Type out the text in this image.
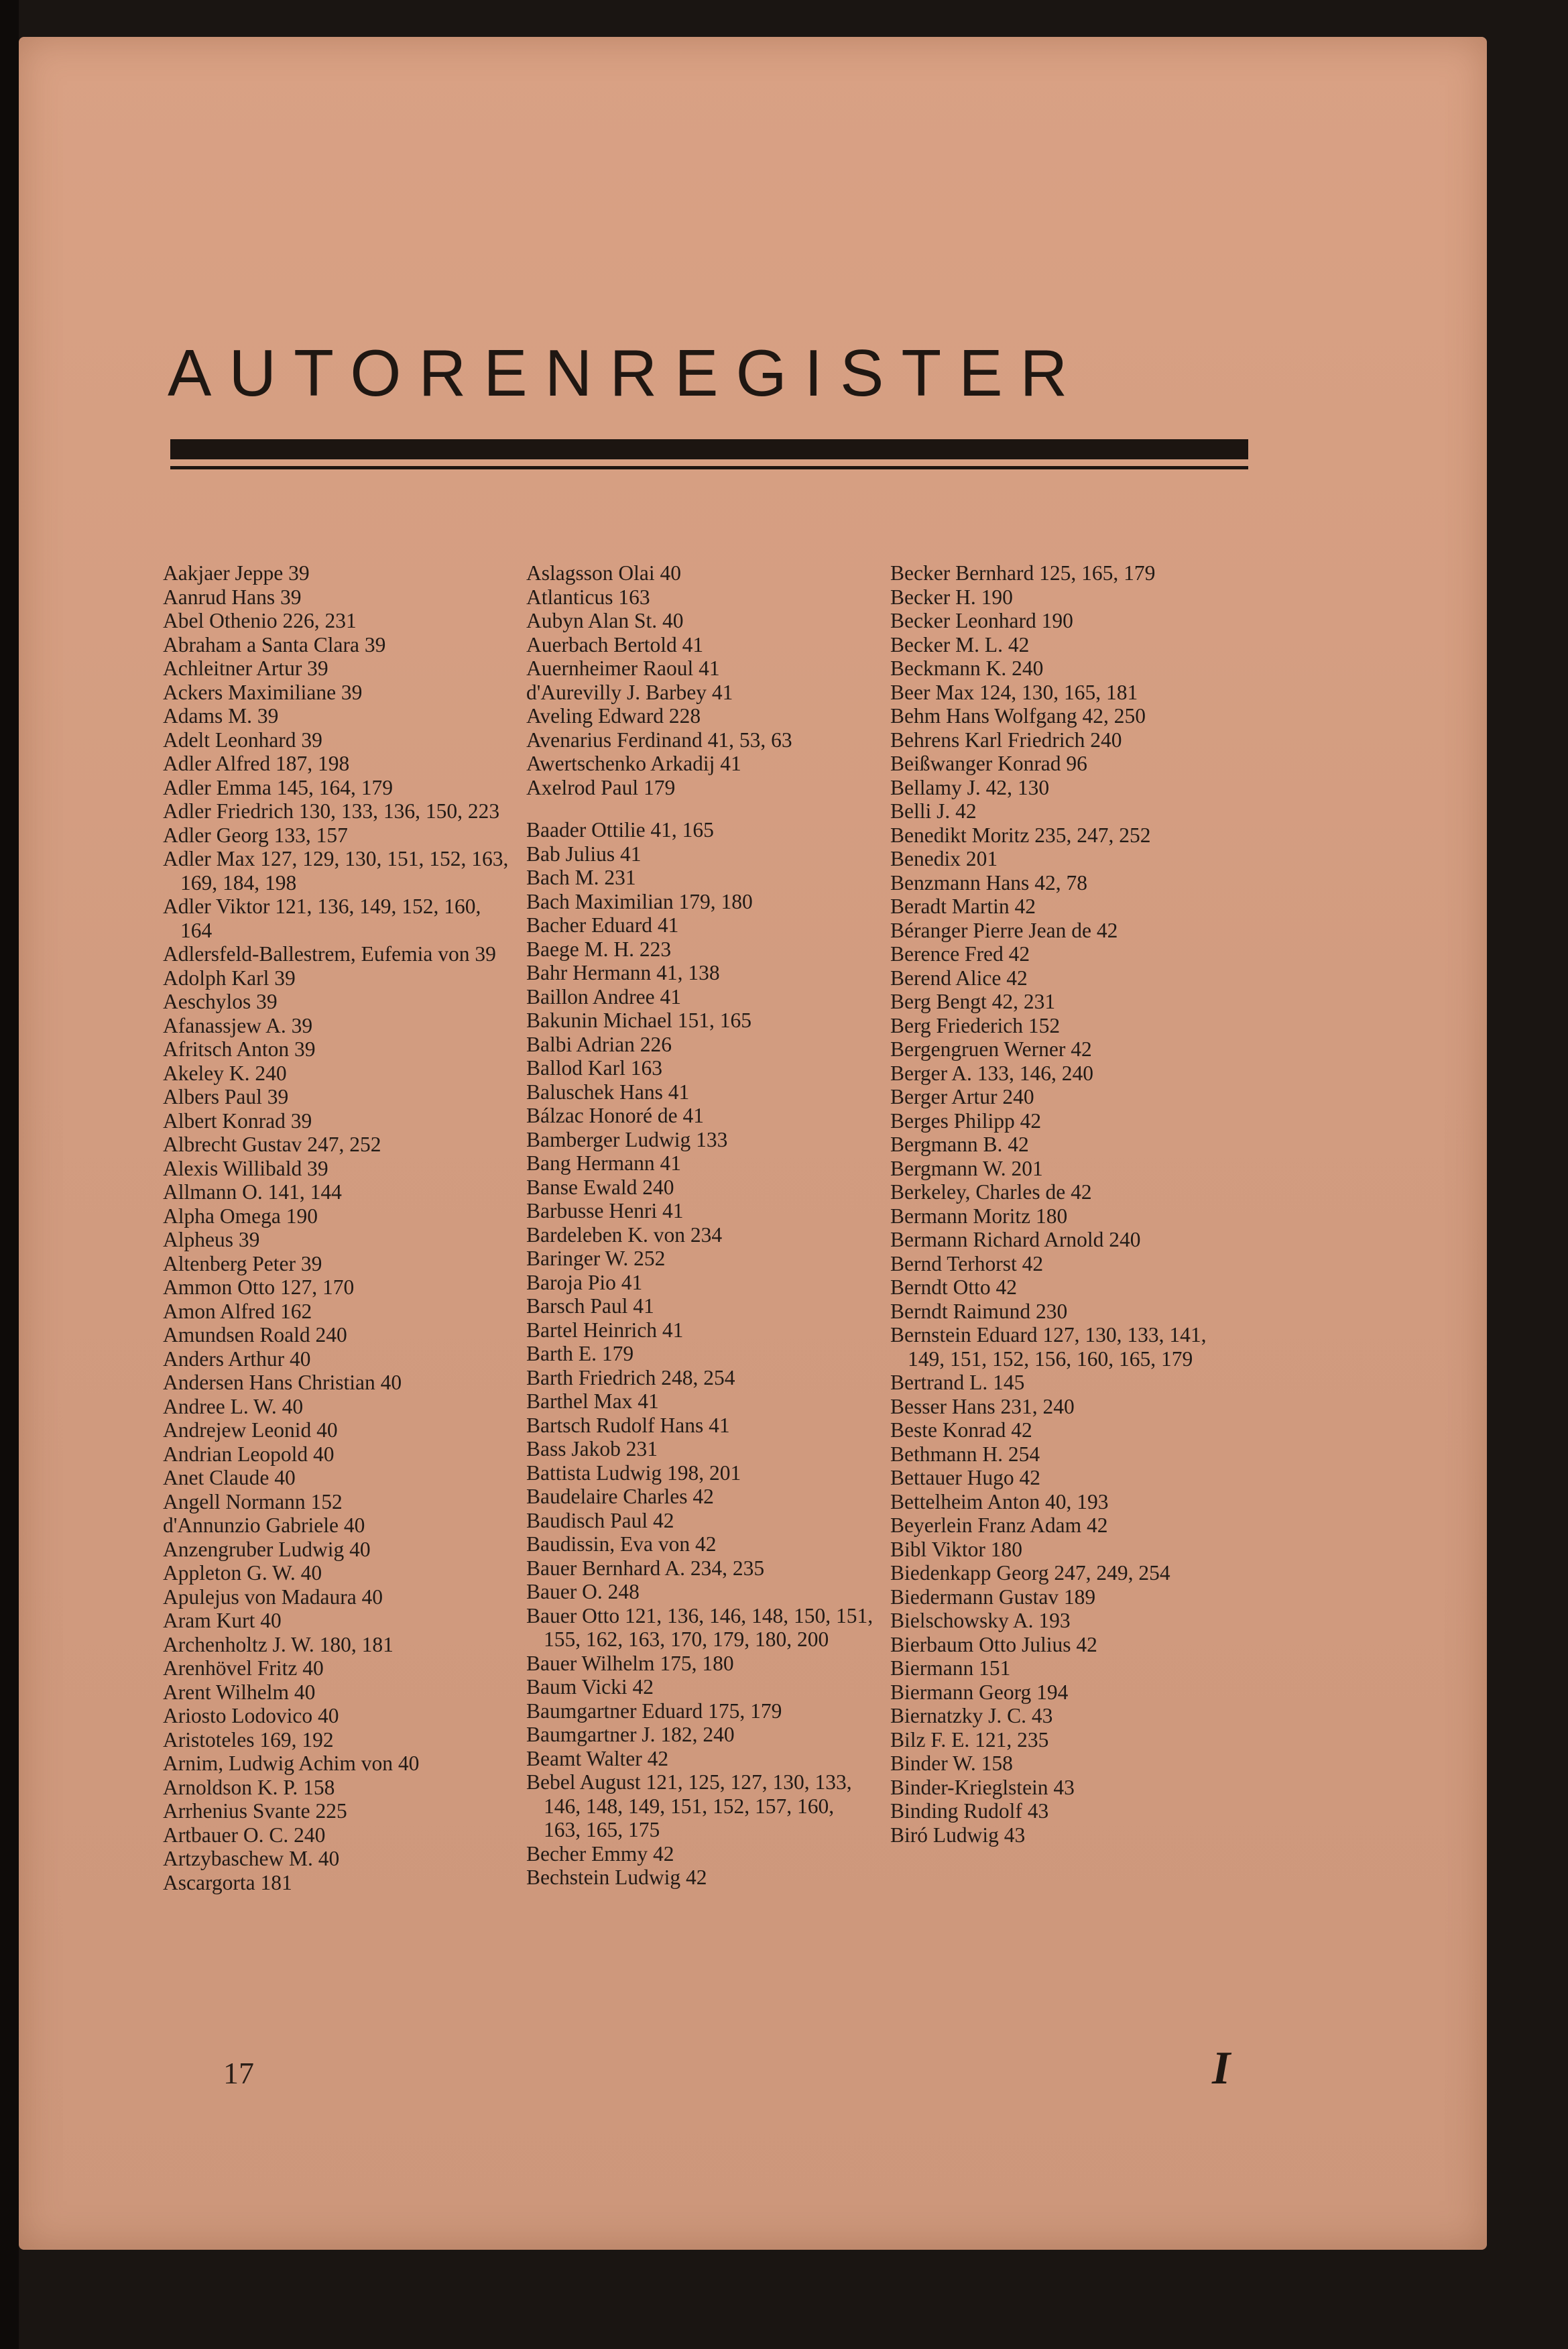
AUTORENREGISTER
Aakjaer Jeppe 39
Aanrud Hans 39
Abel Othenio 226, 231
Abraham a Santa Clara 39
Achleitner Artur 39
Ackers Maximiliane 39
Adams M. 39
Adelt Leonhard 39
Adler Alfred 187, 198
Adler Emma 145, 164, 179
Adler Friedrich 130, 133, 136, 150, 223
Adler Georg 133, 157
Adler Max 127, 129, 130, 151, 152, 163, 169, 184, 198
Adler Viktor 121, 136, 149, 152, 160, 164
Adlersfeld-Ballestrem, Eufemia von 39
Adolph Karl 39
Aeschylos 39
Afanassjew A. 39
Afritsch Anton 39
Akeley K. 240
Albers Paul 39
Albert Konrad 39
Albrecht Gustav 247, 252
Alexis Willibald 39
Allmann O. 141, 144
Alpha Omega 190
Alpheus 39
Altenberg Peter 39
Ammon Otto 127, 170
Amon Alfred 162
Amundsen Roald 240
Anders Arthur 40
Andersen Hans Christian 40
Andree L. W. 40
Andrejew Leonid 40
Andrian Leopold 40
Anet Claude 40
Angell Normann 152
d'Annunzio Gabriele 40
Anzengruber Ludwig 40
Appleton G. W. 40
Apulejus von Madaura 40
Aram Kurt 40
Archenholtz J. W. 180, 181
Arenhövel Fritz 40
Arent Wilhelm 40
Ariosto Lodovico 40
Aristoteles 169, 192
Arnim, Ludwig Achim von 40
Arnoldson K. P. 158
Arrhenius Svante 225
Artbauer O. C. 240
Artzybaschew M. 40
Ascargorta 181
Aslagsson Olai 40
Atlanticus 163
Aubyn Alan St. 40
Auerbach Bertold 41
Auernheimer Raoul 41
d'Aurevilly J. Barbey 41
Aveling Edward 228
Avenarius Ferdinand 41, 53, 63
Awertschenko Arkadij 41
Axelrod Paul 179
Baader Ottilie 41, 165
Bab Julius 41
Bach M. 231
Bach Maximilian 179, 180
Bacher Eduard 41
Baege M. H. 223
Bahr Hermann 41, 138
Baillon Andree 41
Bakunin Michael 151, 165
Balbi Adrian 226
Ballod Karl 163
Baluschek Hans 41
Bálzac Honoré de 41
Bamberger Ludwig 133
Bang Hermann 41
Banse Ewald 240
Barbusse Henri 41
Bardeleben K. von 234
Baringer W. 252
Baroja Pio 41
Barsch Paul 41
Bartel Heinrich 41
Barth E. 179
Barth Friedrich 248, 254
Barthel Max 41
Bartsch Rudolf Hans 41
Bass Jakob 231
Battista Ludwig 198, 201
Baudelaire Charles 42
Baudisch Paul 42
Baudissin, Eva von 42
Bauer Bernhard A. 234, 235
Bauer O. 248
Bauer Otto 121, 136, 146, 148, 150, 151, 155, 162, 163, 170, 179, 180, 200
Bauer Wilhelm 175, 180
Baum Vicki 42
Baumgartner Eduard 175, 179
Baumgartner J. 182, 240
Beamt Walter 42
Bebel August 121, 125, 127, 130, 133, 146, 148, 149, 151, 152, 157, 160, 163, 165, 175
Becher Emmy 42
Bechstein Ludwig 42
Becker Bernhard 125, 165, 179
Becker H. 190
Becker Leonhard 190
Becker M. L. 42
Beckmann K. 240
Beer Max 124, 130, 165, 181
Behm Hans Wolfgang 42, 250
Behrens Karl Friedrich 240
Beißwanger Konrad 96
Bellamy J. 42, 130
Belli J. 42
Benedikt Moritz 235, 247, 252
Benedix 201
Benzmann Hans 42, 78
Beradt Martin 42
Béranger Pierre Jean de 42
Berence Fred 42
Berend Alice 42
Berg Bengt 42, 231
Berg Friederich 152
Bergengruen Werner 42
Berger A. 133, 146, 240
Berger Artur 240
Berges Philipp 42
Bergmann B. 42
Bergmann W. 201
Berkeley, Charles de 42
Bermann Moritz 180
Bermann Richard Arnold 240
Bernd Terhorst 42
Berndt Otto 42
Berndt Raimund 230
Bernstein Eduard 127, 130, 133, 141, 149, 151, 152, 156, 160, 165, 179
Bertrand L. 145
Besser Hans 231, 240
Beste Konrad 42
Bethmann H. 254
Bettauer Hugo 42
Bettelheim Anton 40, 193
Beyerlein Franz Adam 42
Bibl Viktor 180
Biedenkapp Georg 247, 249, 254
Biedermann Gustav 189
Bielschowsky A. 193
Bierbaum Otto Julius 42
Biermann 151
Biermann Georg 194
Biernatzky J. C. 43
Bilz F. E. 121, 235
Binder W. 158
Binder-Krieglstein 43
Binding Rudolf 43
Biró Ludwig 43
17	I
